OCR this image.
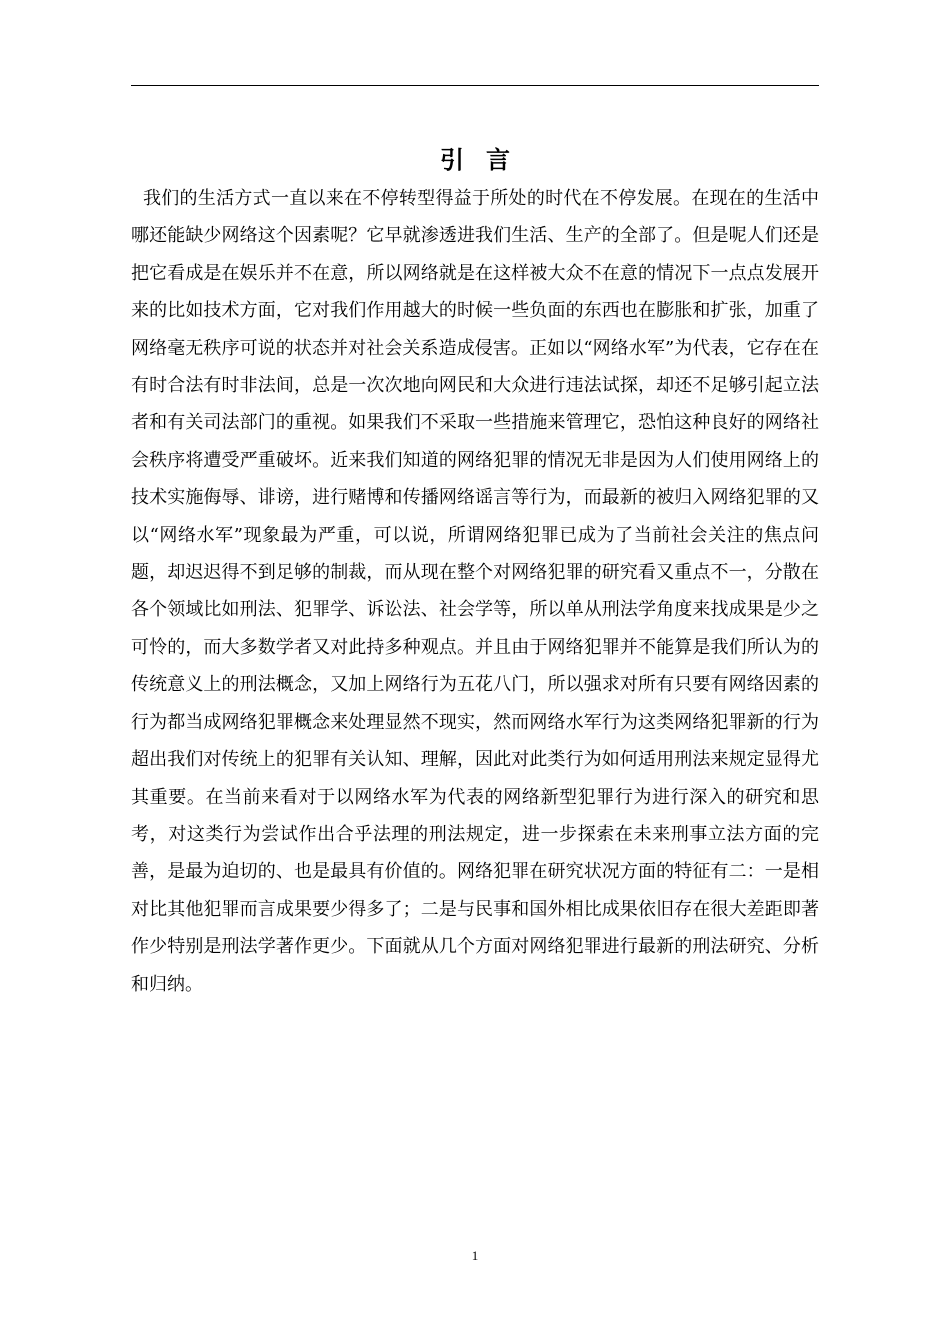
引言

我们的生活方式一直以来在不停转型得益于所处的时代在不停发展。在现在的生活中哪还能缺少网络这个因素呢？它早就渗透进我们生活、生产的全部了。但是呢人们还是把它看成是在娱乐并不在意，所以网络就是在这样被大众不在意的情况下一点点发展开来的比如技术方面，它对我们作用越大的时候一些负面的东西也在膨胀和扩张，加重了网络毫无秩序可说的状态并对社会关系造成侵害。正如以“网络水军”为代表，它存在在有时合法有时非法间，总是一次次地向网民和大众进行违法试探，却还不足够引起立法者和有关司法部门的重视。如果我们不采取一些措施来管理它，恐怕这种良好的网络社会秩序将遭受严重破坏。近来我们知道的网络犯罪的情况无非是因为人们使用网络上的技术实施侮辱、诽谤，进行赌博和传播网络谣言等行为，而最新的被归入网络犯罪的又以“网络水军”现象最为严重，可以说，所谓网络犯罪已成为了当前社会关注的焦点问题，却迟迟得不到足够的制裁，而从现在整个对网络犯罪的研究看又重点不一，分散在各个领域比如刑法、犯罪学、诉讼法、社会学等，所以单从刑法学角度来找成果是少之可怜的，而大多数学者又对此持多种观点。并且由于网络犯罪并不能算是我们所认为的传统意义上的刑法概念，又加上网络行为五花八门，所以强求对所有只要有网络因素的行为都当成网络犯罪概念来处理显然不现实，然而网络水军行为这类网络犯罪新的行为超出我们对传统上的犯罪有关认知、理解，因此对此类行为如何适用刑法来规定显得尤其重要。在当前来看对于以网络水军为代表的网络新型犯罪行为进行深入的研究和思考，对这类行为尝试作出合乎法理的刑法规定，进一步探索在未来刑事立法方面的完善，是最为迫切的、也是最具有价值的。网络犯罪在研究状况方面的特征有二：一是相对比其他犯罪而言成果要少得多了；二是与民事和国外相比成果依旧存在很大差距即著作少特别是刑法学著作更少。下面就从几个方面对网络犯罪进行最新的刑法研究、分析和归纳。

1
